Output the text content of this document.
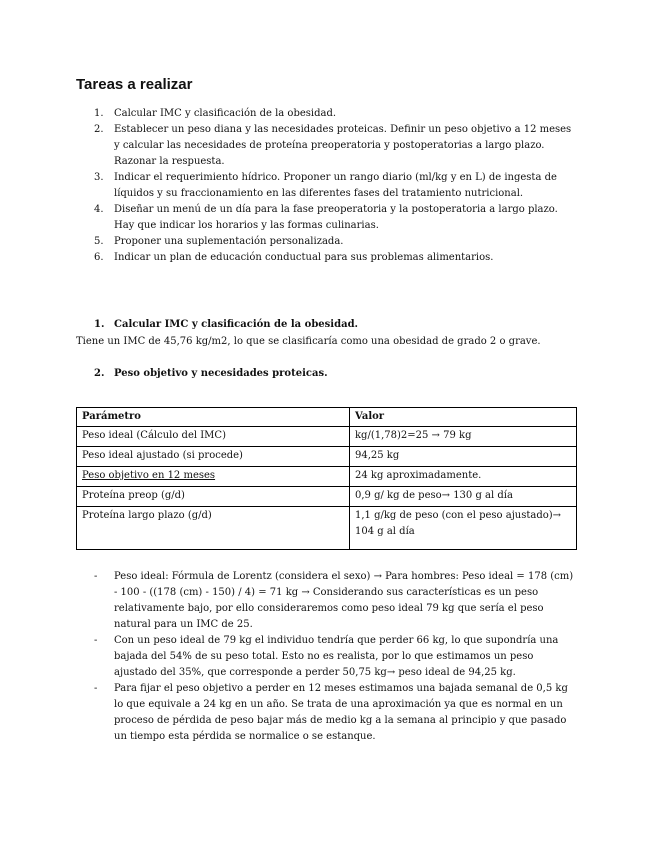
Tareas a realizar
1. Calcular IMC y clasificación de la obesidad.
2. Establecer un peso diana y las necesidades proteicas. Definir un peso objetivo a 12 meses y calcular las necesidades de proteína preoperatoria y postoperatorias a largo plazo. Razonar la respuesta.
3. Indicar el requerimiento hídrico. Proponer un rango diario (ml/kg y en L) de ingesta de líquidos y su fraccionamiento en las diferentes fases del tratamiento nutricional.
4. Diseñar un menú de un día para la fase preoperatoria y la postoperatoria a largo plazo. Hay que indicar los horarios y las formas culinarias.
5. Proponer una suplementación personalizada.
6. Indicar un plan de educación conductual para sus problemas alimentarios.
1. Calcular IMC y clasificación de la obesidad.

Tiene un IMC de 45,76 kg/m2, lo que se clasificaría como una obesidad de grado 2 o grave.

2. Peso objetivo y necesidades proteicas.
Parámetro	Valor
Peso ideal (Cálculo del IMC)	kg/(1,78)2=25 → 79 kg
Peso ideal ajustado (si procede)	94,25 kg
Peso objetivo en 12 meses	24 kg aproximadamente.
Proteína preop (g/d)	0,9 g/ kg de peso→ 130 g al día
Proteína largo plazo (g/d)	1,1 g/kg de peso (con el peso ajustado)→ 104 g al día
- Peso ideal: Fórmula de Lorentz (considera el sexo) → Para hombres: Peso ideal = 178 (cm) - 100 - ((178 (cm) - 150) / 4) = 71 kg → Considerando sus características es un peso relativamente bajo, por ello consideraremos como peso ideal 79 kg que sería el peso natural para un IMC de 25.
- Con un peso ideal de 79 kg el individuo tendría que perder 66 kg, lo que supondría una bajada del 54% de su peso total. Esto no es realista, por lo que estimamos un peso ajustado del 35%, que corresponde a perder 50,75 kg→ peso ideal de 94,25 kg.
- Para fijar el peso objetivo a perder en 12 meses estimamos una bajada semanal de 0,5 kg lo que equivale a 24 kg en un año. Se trata de una aproximación ya que es normal en un proceso de pérdida de peso bajar más de medio kg a la semana al principio y que pasado un tiempo esta pérdida se normalice o se estanque.
